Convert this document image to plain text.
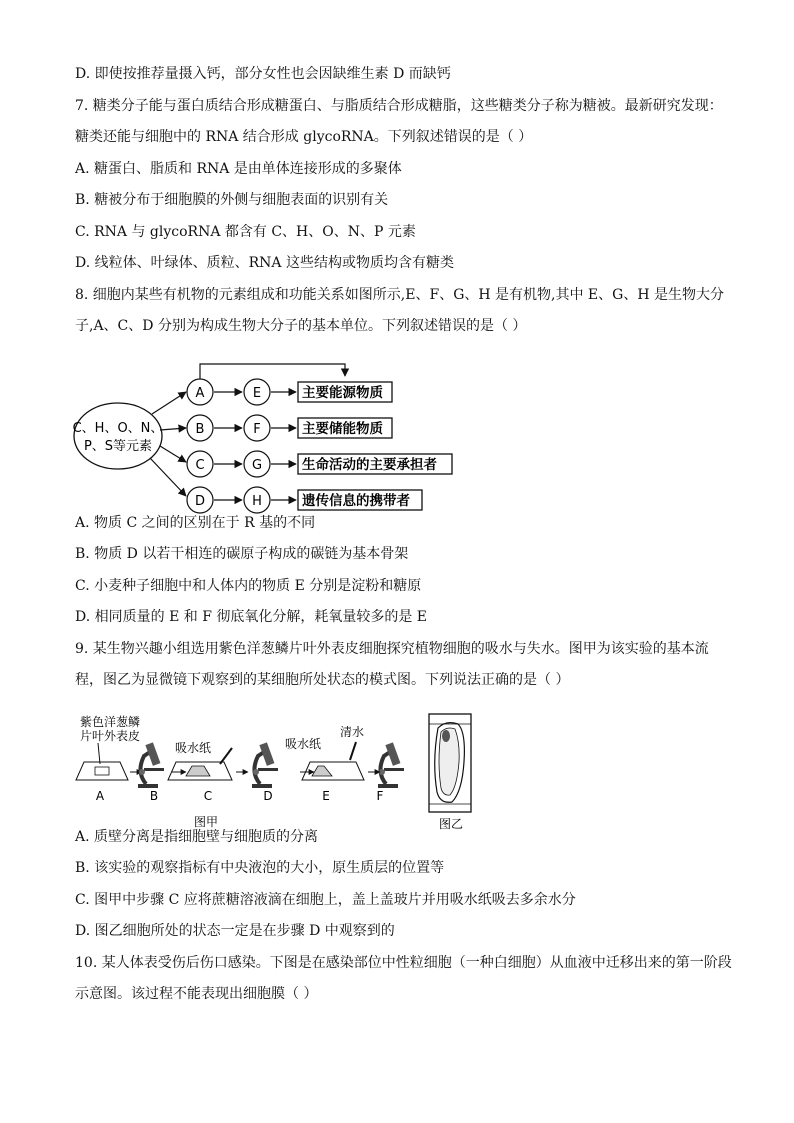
D. 即使按推荐量摄入钙，部分女性也会因缺维生素 D 而缺钙
7. 糖类分子能与蛋白质结合形成糖蛋白、与脂质结合形成糖脂，这些糖类分子称为糖被。最新研究发现：
糖类还能与细胞中的 RNA 结合形成 glycoRNA。下列叙述错误的是（ ）
A. 糖蛋白、脂质和 RNA 是由单体连接形成的多聚体
B. 糖被分布于细胞膜的外侧与细胞表面的识别有关
C. RNA 与 glycoRNA 都含有 C、H、O、N、P 元素
D. 线粒体、叶绿体、质粒、RNA 这些结构或物质均含有糖类
8. 细胞内某些有机物的元素组成和功能关系如图所示,E、F、G、H 是有机物,其中 E、G、H 是生物大分
子,A、C、D 分别为构成生物大分子的基本单位。下列叙述错误的是（ ）
A. 物质 C 之间的区别在于 R 基的不同
B. 物质 D 以若干相连的碳原子构成的碳链为基本骨架
C. 小麦种子细胞中和人体内的物质 E 分别是淀粉和糖原
D. 相同质量的 E 和 F 彻底氧化分解，耗氧量较多的是 E
9. 某生物兴趣小组选用紫色洋葱鳞片叶外表皮细胞探究植物细胞的吸水与失水。图甲为该实验的基本流
程，图乙为显微镜下观察到的某细胞所处状态的模式图。下列说法正确的是（ ）
A. 质壁分离是指细胞壁与细胞质的分离
B. 该实验的观察指标有中央液泡的大小，原生质层的位置等
C. 图甲中步骤 C 应将蔗糖溶液滴在细胞上，盖上盖玻片并用吸水纸吸去多余水分
D. 图乙细胞所处的状态一定是在步骤 D 中观察到的
10. 某人体表受伤后伤口感染。下图是在感染部位中性粒细胞（一种白细胞）从血液中迁移出来的第一阶段
示意图。该过程不能表现出细胞膜（ ）
C、H、O、N、
P、S等元素
A	E	主要能源物质
B	F	主要储能物质
C	G	生命活动的主要承担者
D	H	遗传信息的携带者
紫色洋葱鳞
片叶外表皮
吸水纸	吸水纸
清水
A	B	C	D	E	F
图甲	图乙
